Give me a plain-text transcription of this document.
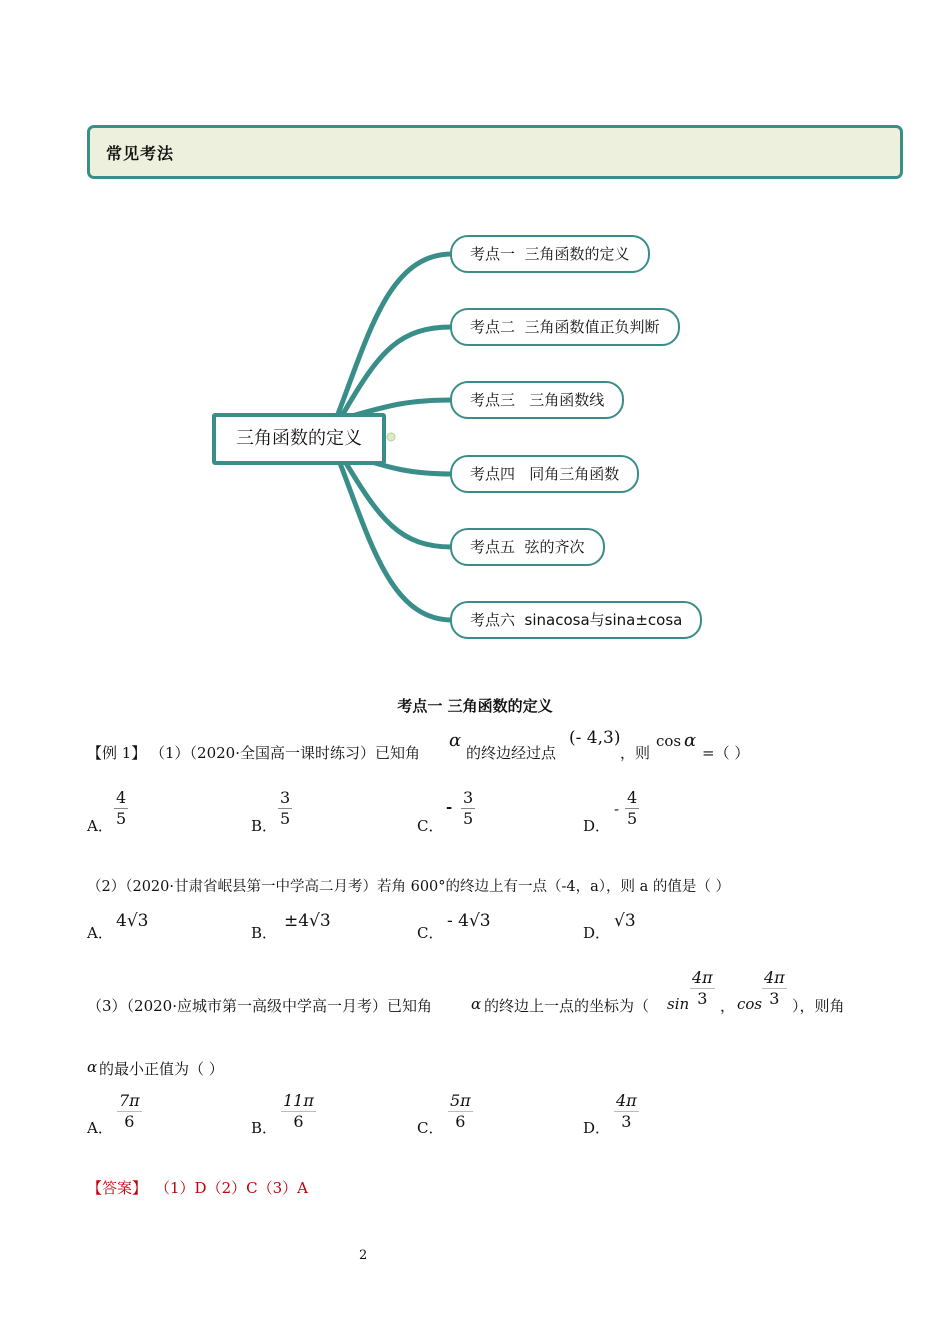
常见考法
三角函数的定义
考点一  三角函数的定义
考点二  三角函数值正负判断
考点三   三角函数线
考点四   同角三角函数
考点五  弦的齐次
考点六  sinacosa与sina±cosa
考点一 三角函数的定义
【例 1】 （1）（2020·全国高一课时练习）已知角
α
的终边经过点
(- 4,3)
，则
cos α
=（ ）
A． $\frac{4}{5}$	B． $\frac{3}{5}$	C．
- $\frac{3}{5}$	D．
- $\frac{4}{5}$
（2）（2020·甘肃省岷县第一中学高二月考）若角 600°的终边上有一点（-4，a），则 a 的值是（ ）
A．
4√3
B．
±4√3
C．
- 4√3
D．
√3
（3）（2020·应城市第一高级中学高一月考）已知角	α 的终边上一点的坐标为（ $\sin \frac{4\pi}{3}$ ， $\cos \frac{4\pi}{3}$ ），则角
α 的最小正值为（ ）
A． $\frac{7\pi}{6}$	B． $\frac{11\pi}{6}$	C． $\frac{5\pi}{6}$	D． $\frac{4\pi}{3}$
【答案】 （1）D（2）C（3）A
2
